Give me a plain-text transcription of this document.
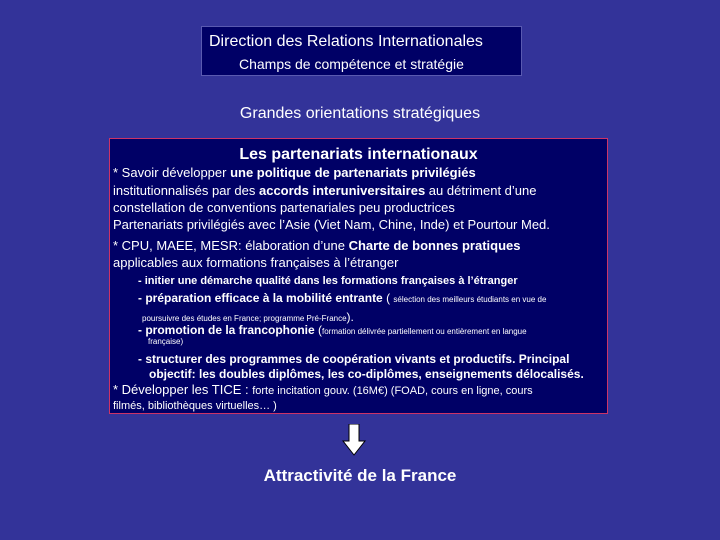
Direction des Relations Internationales
Champs de compétence et stratégie
Grandes orientations stratégiques
Les partenariats internationaux
* Savoir développer une politique de partenariats privilégiés
institutionnalisés par des accords interuniversitaires au détriment d’une
constellation de conventions partenariales peu productrices
Partenariats privilégiés avec l’Asie (Viet Nam, Chine, Inde) et Pourtour Med.
* CPU, MAEE, MESR: élaboration d’une Charte de bonnes pratiques
applicables aux formations françaises à l’étranger
- initier une démarche qualité dans les formations françaises à l’étranger
- préparation efficace à la mobilité entrante ( sélection des meilleurs étudiants en vue de
poursuivre des études en France; programme Pré-France).
- promotion de la francophonie (formation délivrée partiellement ou entièrement en langue
française)
- structurer des programmes de coopération vivants et productifs. Principal
objectif: les doubles diplômes, les co-diplômes, enseignements délocalisés.
* Développer les TICE : forte incitation gouv. (16M€) (FOAD, cours en ligne, cours
filmés, bibliothèques virtuelles… )
Attractivité de la France
